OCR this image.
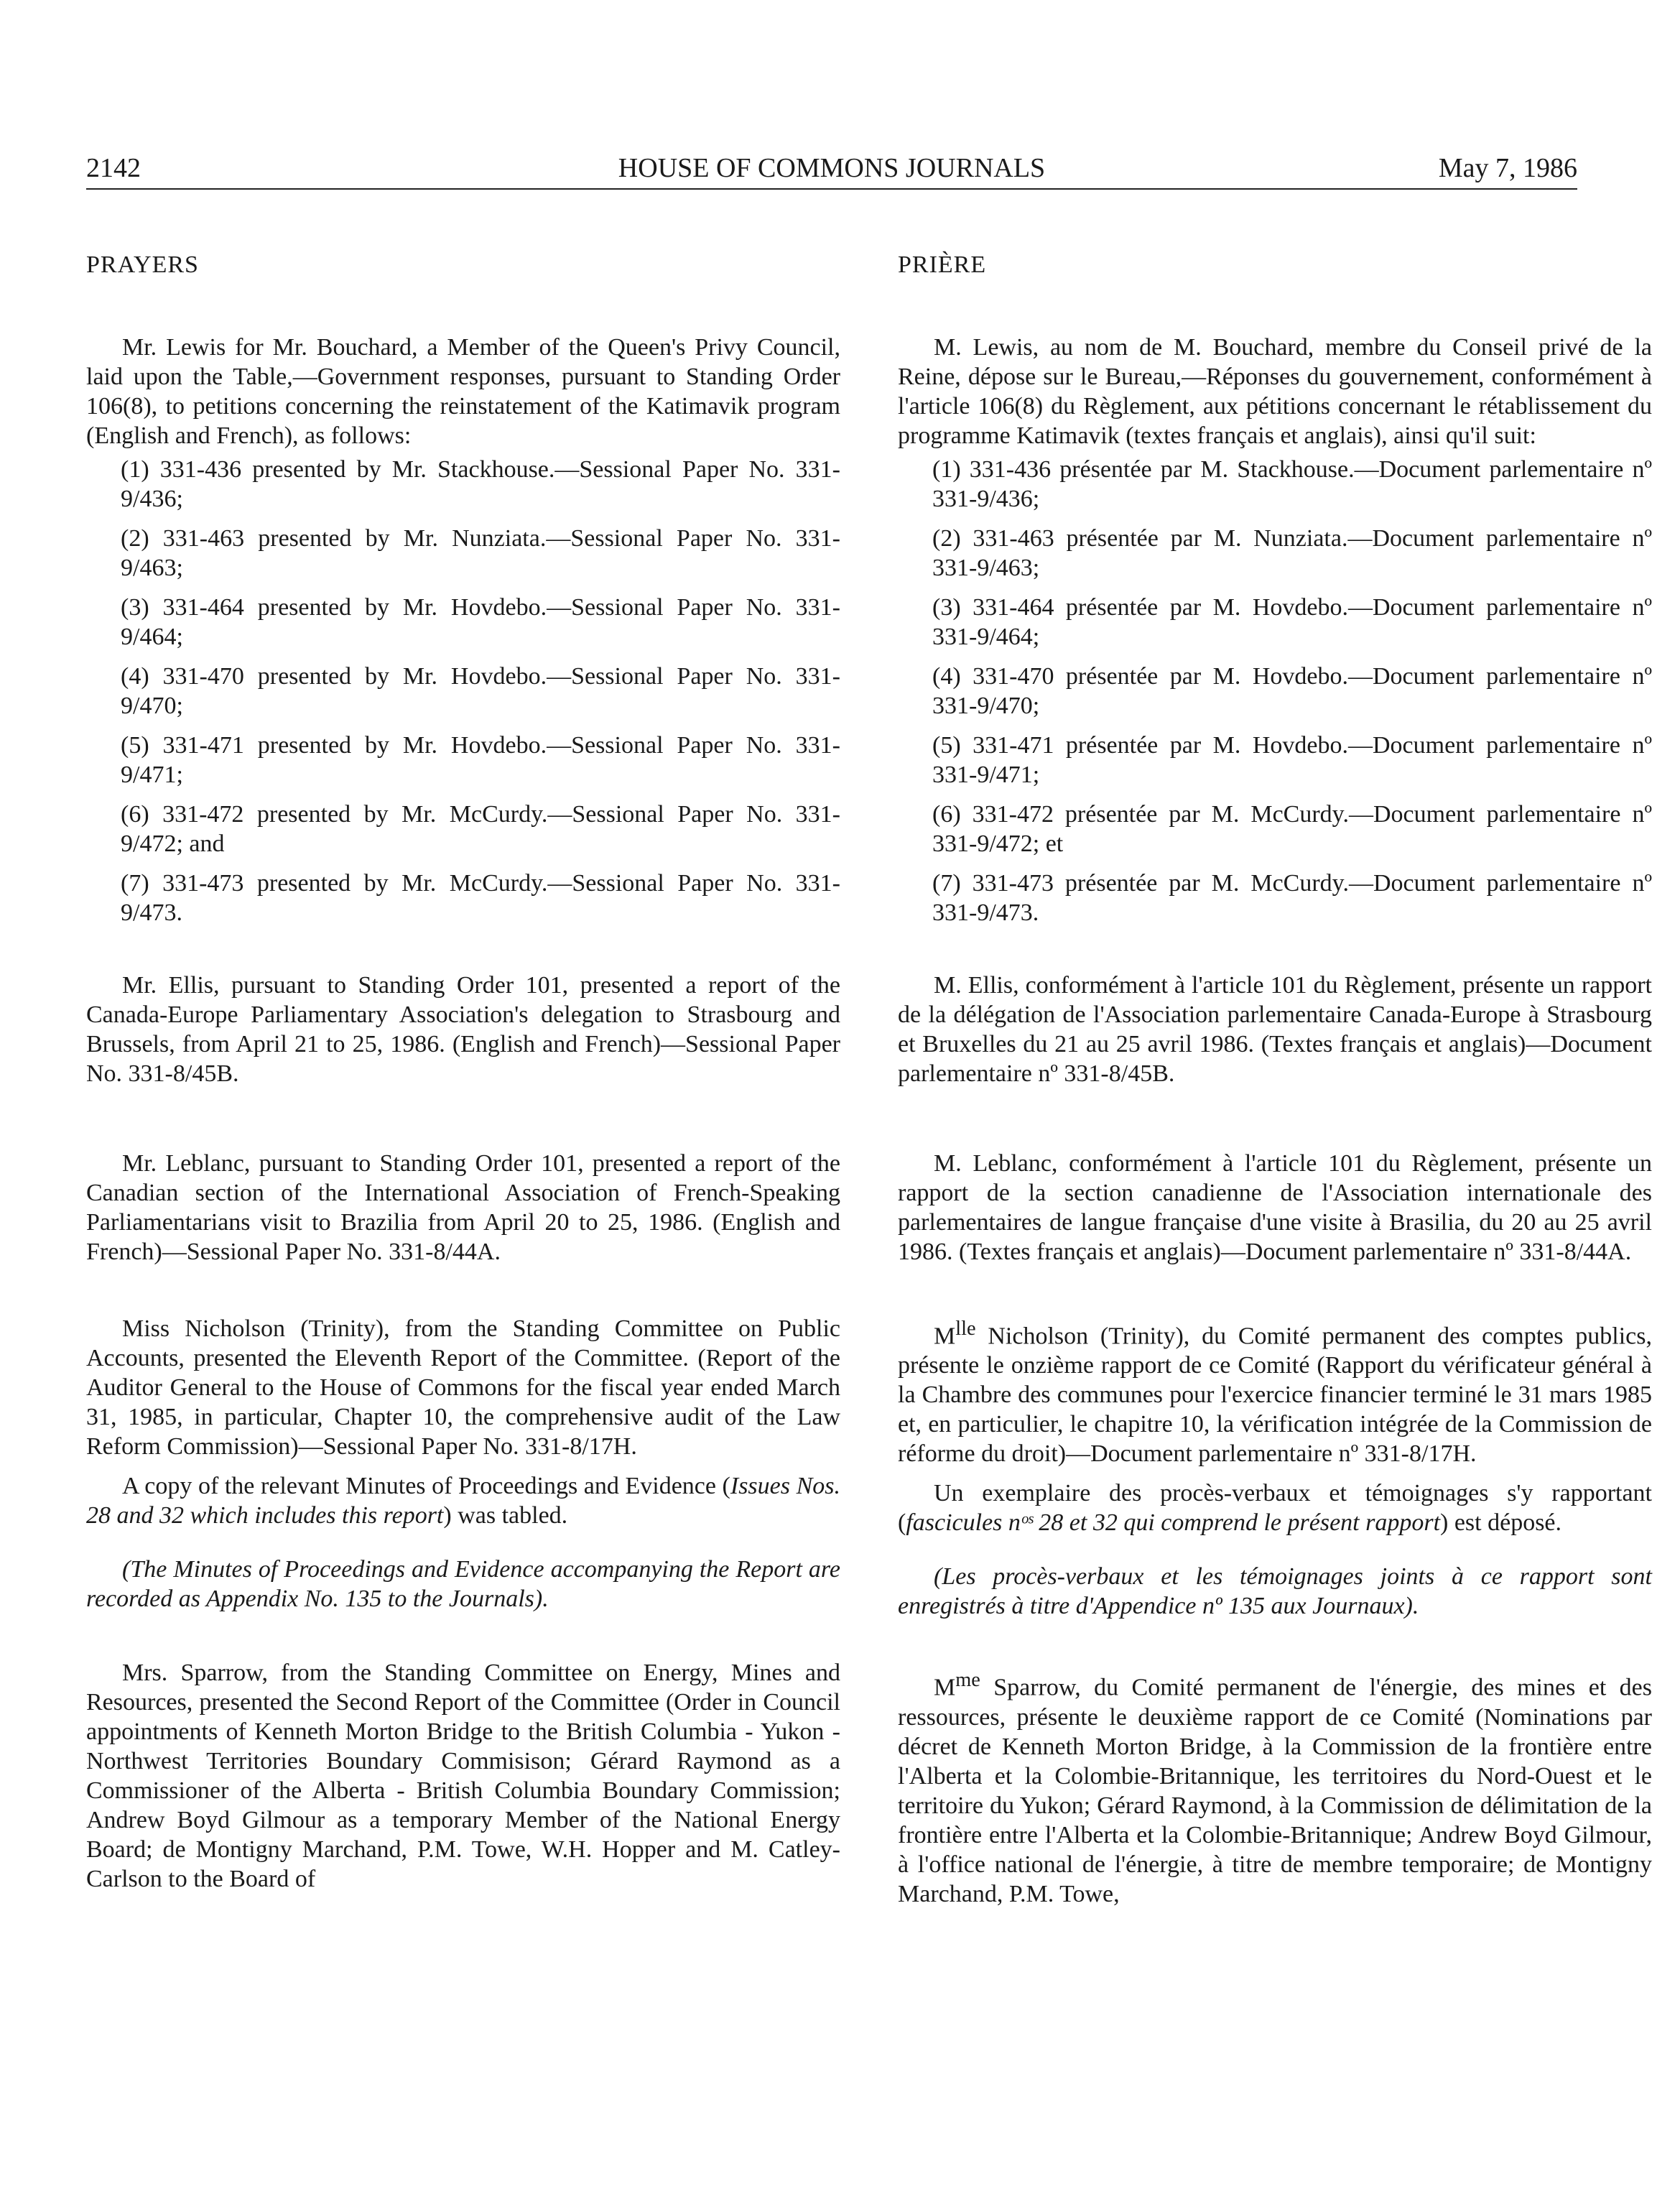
2142	HOUSE OF COMMONS JOURNALS	May 7, 1986
PRAYERS

Mr. Lewis for Mr. Bouchard, a Member of the Queen's Privy Council, laid upon the Table,—Government responses, pursuant to Standing Order 106(8), to petitions concerning the reinstatement of the Katimavik program (English and French), as follows:

(1) 331-436 presented by Mr. Stackhouse.—Sessional Paper No. 331-9/436;

(2) 331-463 presented by Mr. Nunziata.—Sessional Paper No. 331-9/463;

(3) 331-464 presented by Mr. Hovdebo.—Sessional Paper No. 331-9/464;

(4) 331-470 presented by Mr. Hovdebo.—Sessional Paper No. 331-9/470;

(5) 331-471 presented by Mr. Hovdebo.—Sessional Paper No. 331-9/471;

(6) 331-472 presented by Mr. McCurdy.—Sessional Paper No. 331-9/472; and

(7) 331-473 presented by Mr. McCurdy.—Sessional Paper No. 331-9/473.

Mr. Ellis, pursuant to Standing Order 101, presented a report of the Canada-Europe Parliamentary Association's delegation to Strasbourg and Brussels, from April 21 to 25, 1986. (English and French)—Sessional Paper No. 331-8/45B.

Mr. Leblanc, pursuant to Standing Order 101, presented a report of the Canadian section of the International Association of French-Speaking Parliamentarians visit to Brazilia from April 20 to 25, 1986. (English and French)—Sessional Paper No. 331-8/44A.

Miss Nicholson (Trinity), from the Standing Committee on Public Accounts, presented the Eleventh Report of the Committee. (Report of the Auditor General to the House of Commons for the fiscal year ended March 31, 1985, in particular, Chapter 10, the comprehensive audit of the Law Reform Commission)—Sessional Paper No. 331-8/17H.

A copy of the relevant Minutes of Proceedings and Evidence (Issues Nos. 28 and 32 which includes this report) was tabled.

(The Minutes of Proceedings and Evidence accompanying the Report are recorded as Appendix No. 135 to the Journals).

Mrs. Sparrow, from the Standing Committee on Energy, Mines and Resources, presented the Second Report of the Committee (Order in Council appointments of Kenneth Morton Bridge to the British Columbia - Yukon - Northwest Territories Boundary Commisison; Gérard Raymond as a Commissioner of the Alberta - British Columbia Boundary Commission; Andrew Boyd Gilmour as a temporary Member of the National Energy Board; de Montigny Marchand, P.M. Towe, W.H. Hopper and M. Catley-Carlson to the Board of

PRIÈRE

M. Lewis, au nom de M. Bouchard, membre du Conseil privé de la Reine, dépose sur le Bureau,—Réponses du gouvernement, conformément à l'article 106(8) du Règlement, aux pétitions concernant le rétablissement du programme Katimavik (textes français et anglais), ainsi qu'il suit:

(1) 331-436 présentée par M. Stackhouse.—Document parlementaire nº 331-9/436;

(2) 331-463 présentée par M. Nunziata.—Document parlementaire nº 331-9/463;

(3) 331-464 présentée par M. Hovdebo.—Document parlementaire nº 331-9/464;

(4) 331-470 présentée par M. Hovdebo.—Document parlementaire nº 331-9/470;

(5) 331-471 présentée par M. Hovdebo.—Document parlementaire nº 331-9/471;

(6) 331-472 présentée par M. McCurdy.—Document parlementaire nº 331-9/472; et

(7) 331-473 présentée par M. McCurdy.—Document parlementaire nº 331-9/473.

M. Ellis, conformément à l'article 101 du Règlement, présente un rapport de la délégation de l'Association parlementaire Canada-Europe à Strasbourg et Bruxelles du 21 au 25 avril 1986. (Textes français et anglais)—Document parlementaire nº 331-8/45B.

M. Leblanc, conformément à l'article 101 du Règlement, présente un rapport de la section canadienne de l'Association internationale des parlementaires de langue française d'une visite à Brasilia, du 20 au 25 avril 1986. (Textes français et anglais)—Document parlementaire nº 331-8/44A.

$M^{lle}$ Nicholson (Trinity), du Comité permanent des comptes publics, présente le onzième rapport de ce Comité (Rapport du vérificateur général à la Chambre des communes pour l'exercice financier terminé le 31 mars 1985 et, en particulier, le chapitre 10, la vérification intégrée de la Commission de réforme du droit)—Document parlementaire nº 331-8/17H.

Un exemplaire des procès-verbaux et témoignages s'y rapportant (fascicules nᵒˢ 28 et 32 qui comprend le présent rapport) est déposé.

(Les procès-verbaux et les témoignages joints à ce rapport sont enregistrés à titre d'Appendice nº 135 aux Journaux).

$M^{me}$ Sparrow, du Comité permanent de l'énergie, des mines et des ressources, présente le deuxième rapport de ce Comité (Nominations par décret de Kenneth Morton Bridge, à la Commission de la frontière entre l'Alberta et la Colombie-Britannique, les territoires du Nord-Ouest et le territoire du Yukon; Gérard Raymond, à la Commission de délimitation de la frontière entre l'Alberta et la Colombie-Britannique; Andrew Boyd Gilmour, à l'office national de l'énergie, à titre de membre temporaire; de Montigny Marchand, P.M. Towe,
